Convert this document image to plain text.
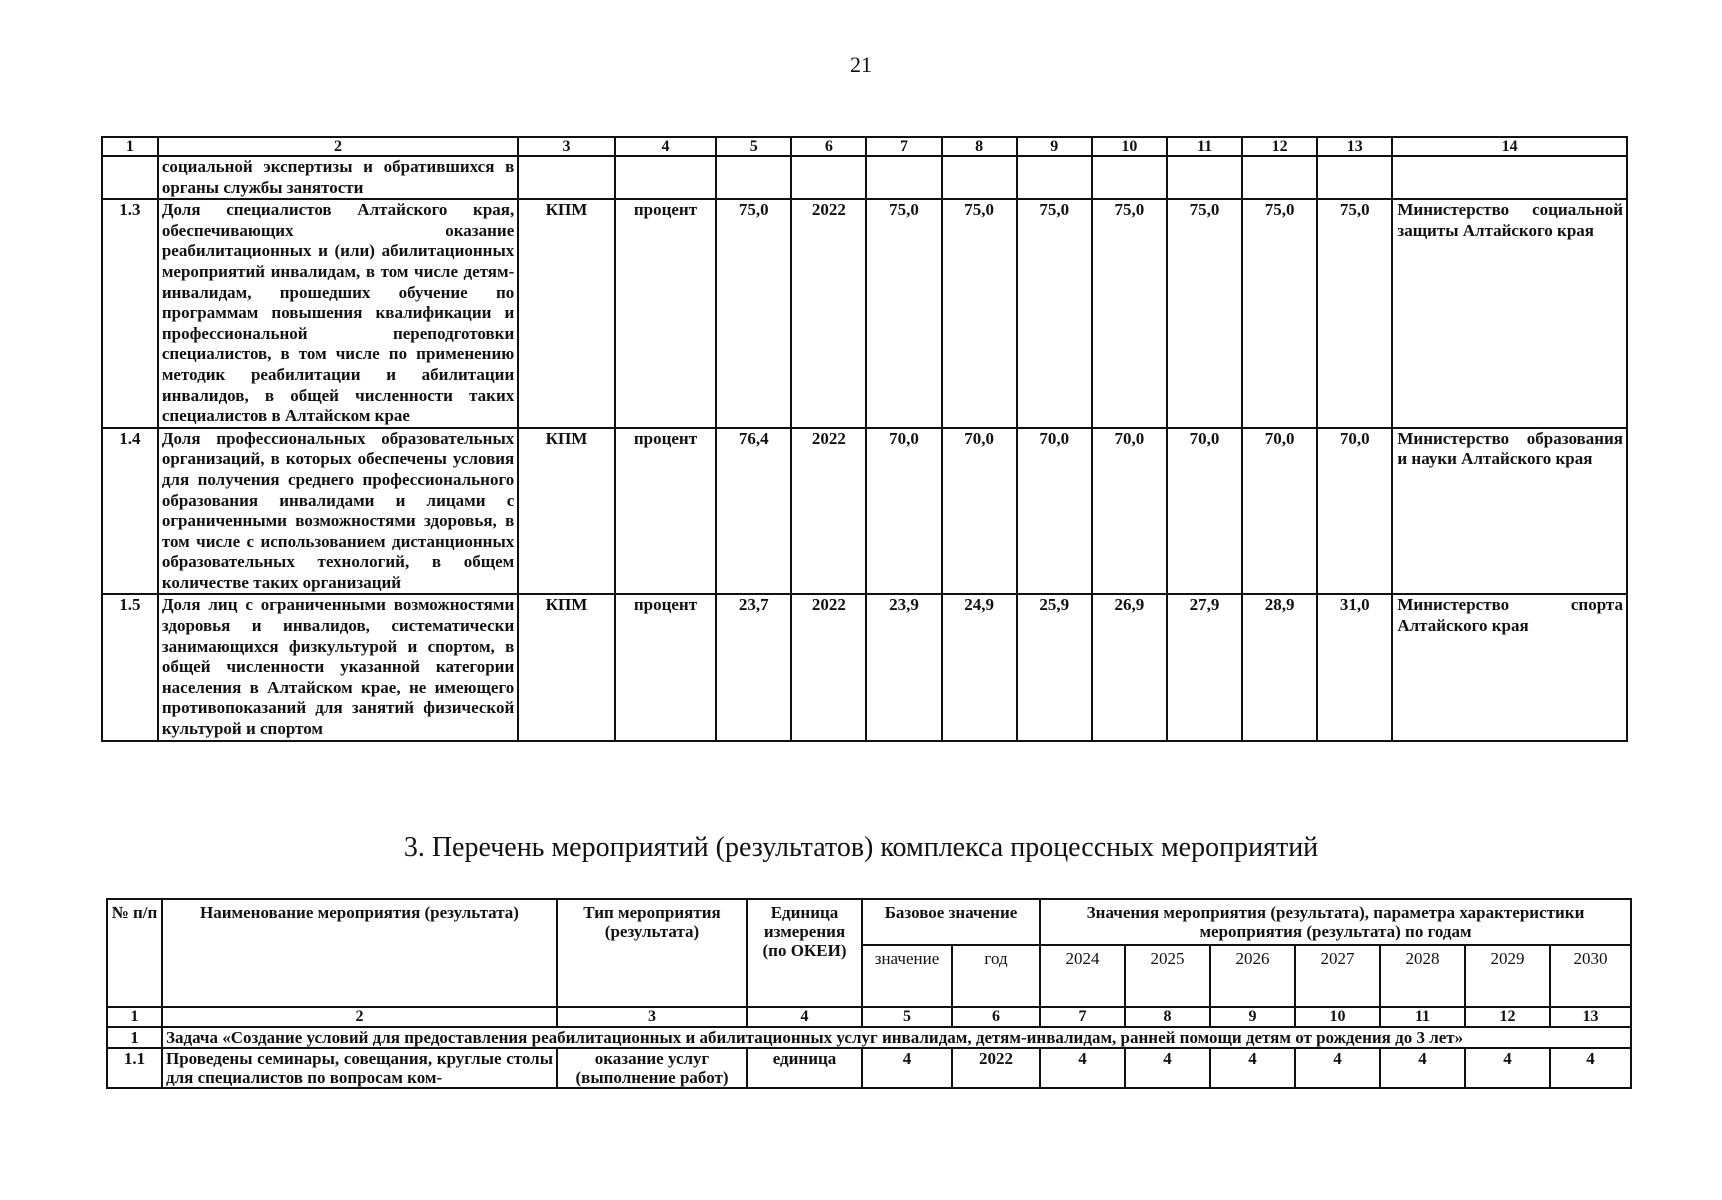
21
1	2	3	4	5	6	7	8	9	10	11	12	13	14
	социальной экспертизы и обратившихся в органы службы занятости												
1.3	Доля специалистов Алтайского края, обеспечивающих оказание реабилитационных и (или) абилитационных мероприятий инвалидам, в том числе детям-инвалидам, прошедших обучение по программам повышения квалификации и профессиональной переподготовки специалистов, в том числе по применению методик реабилитации и абилитации инвалидов, в общей численности таких специалистов в Алтайском крае	КПМ	процент	75,0	2022	75,0	75,0	75,0	75,0	75,0	75,0	75,0	Министерство социальной защиты Алтайского края
1.4	Доля профессиональных образовательных организаций, в которых обеспечены условия для получения среднего профессионального образования инвалидами и лицами с ограниченными возможностями здоровья, в том числе с использованием дистанционных образовательных технологий, в общем количестве таких организаций	КПМ	процент	76,4	2022	70,0	70,0	70,0	70,0	70,0	70,0	70,0	Министерство образования и науки Алтайского края
1.5	Доля лиц с ограниченными возможностями здоровья и инвалидов, систематически занимающихся физкультурой и спортом, в общей численности указанной категории населения в Алтайском крае, не имеющего противопоказаний для занятий физической культурой и спортом	КПМ	процент	23,7	2022	23,9	24,9	25,9	26,9	27,9	28,9	31,0	Министерство спорта Алтайского края
3. Перечень мероприятий (результатов) комплекса процессных мероприятий
№ п/п	Наименование мероприятия (результата)	Тип мероприятия (результата)	Единица измерения (по ОКЕИ)	Базовое значение		Значения мероприятия (результата), параметра характеристики мероприятия (результата) по годам						
				значение	год	2024	2025	2026	2027	2028	2029	2030
1	2	3	4	5	6	7	8	9	10	11	12	13
1	Задача «Создание условий для предоставления реабилитационных и абилитационных услуг инвалидам, детям-инвалидам, ранней помощи детям от рождения до 3 лет»											
1.1	Проведены семинары, совещания, круглые столы для специалистов по вопросам ком-	оказание услуг (выполнение работ)	единица	4	2022	4	4	4	4	4	4	4
